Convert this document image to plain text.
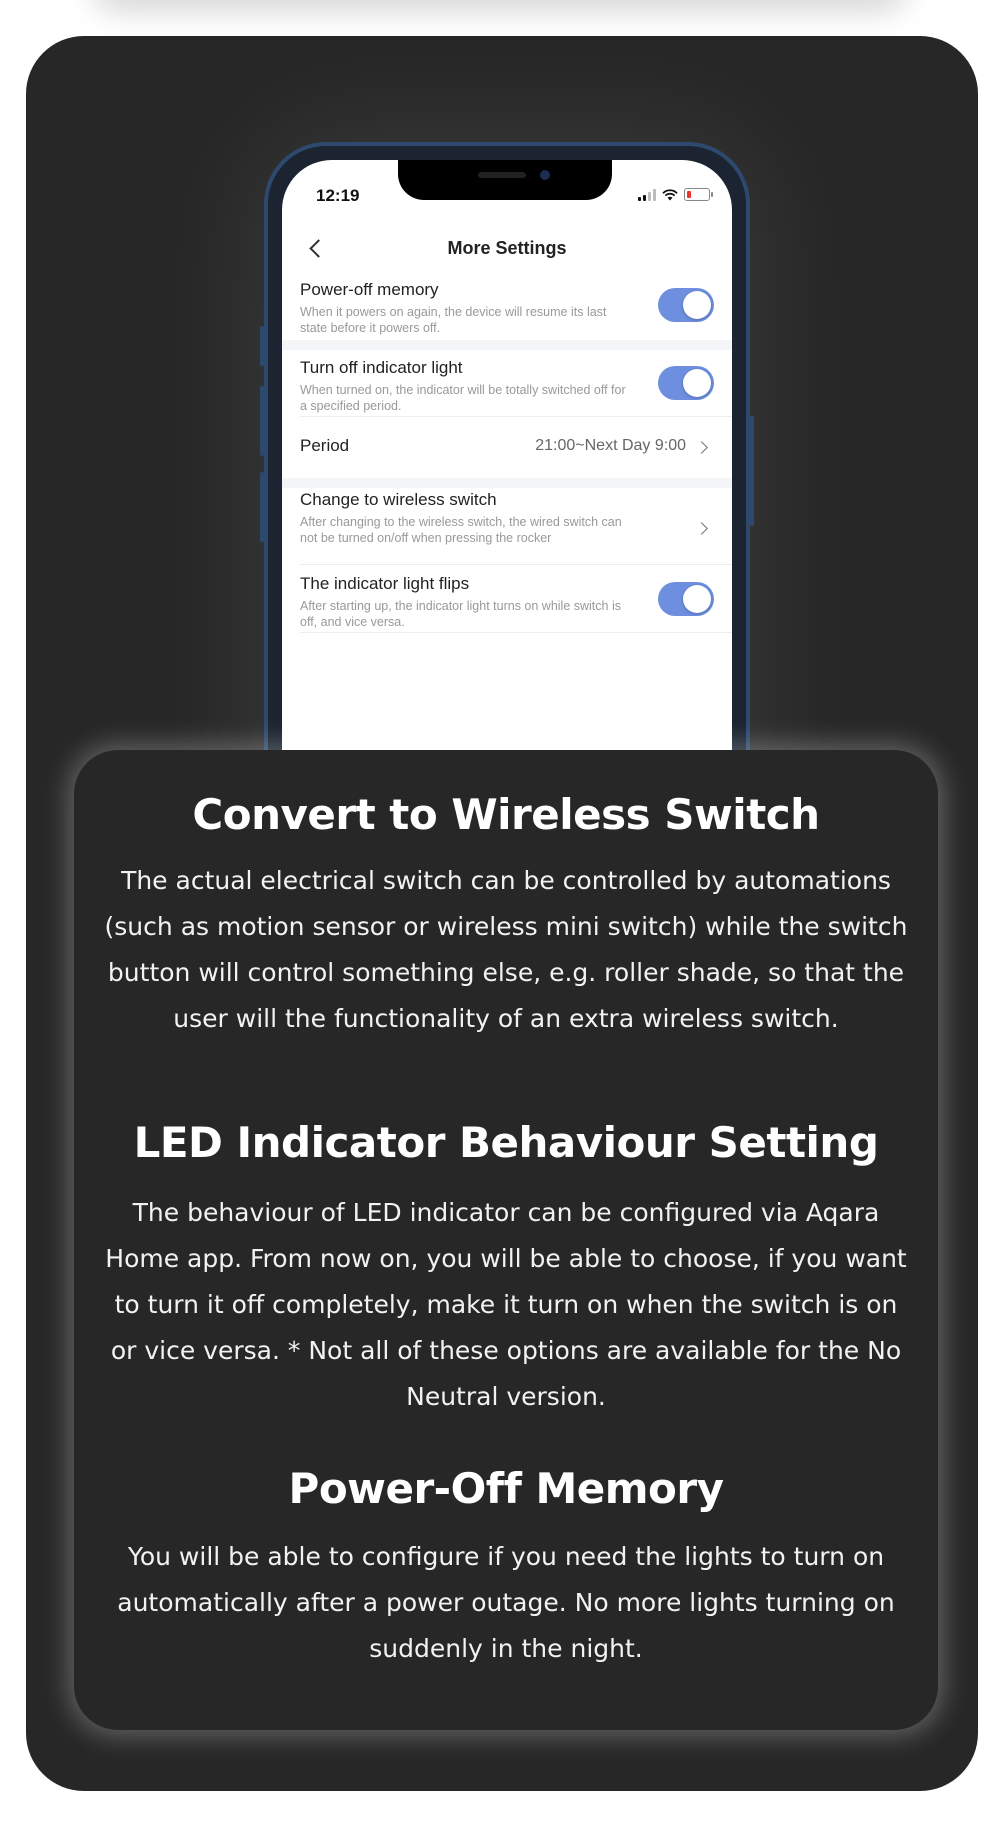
12:19
More Settings
Power-off memory
When it powers on again, the device will resume its last state before it powers off.
Turn off indicator light
When turned on, the indicator will be totally switched off for a specified period.
Period	21:00~Next Day 9:00
Change to wireless switch
After changing to the wireless switch, the wired switch can not be turned on/off when pressing the rocker
The indicator light flips
After starting up, the indicator light turns on while switch is off, and vice versa.
Convert to Wireless Switch
The actual electrical switch can be controlled by automations (such as motion sensor or wireless mini switch) while the switch button will control something else, e.g. roller shade, so that the user will the functionality of an extra wireless switch.
LED Indicator Behaviour Setting
The behaviour of LED indicator can be configured via Aqara Home app. From now on, you will be able to choose, if you want to turn it off completely, make it turn on when the switch is on or vice versa. * Not all of these options are available for the No Neutral version.
Power-Off Memory
You will be able to configure if you need the lights to turn on automatically after a power outage. No more lights turning on suddenly in the night.
